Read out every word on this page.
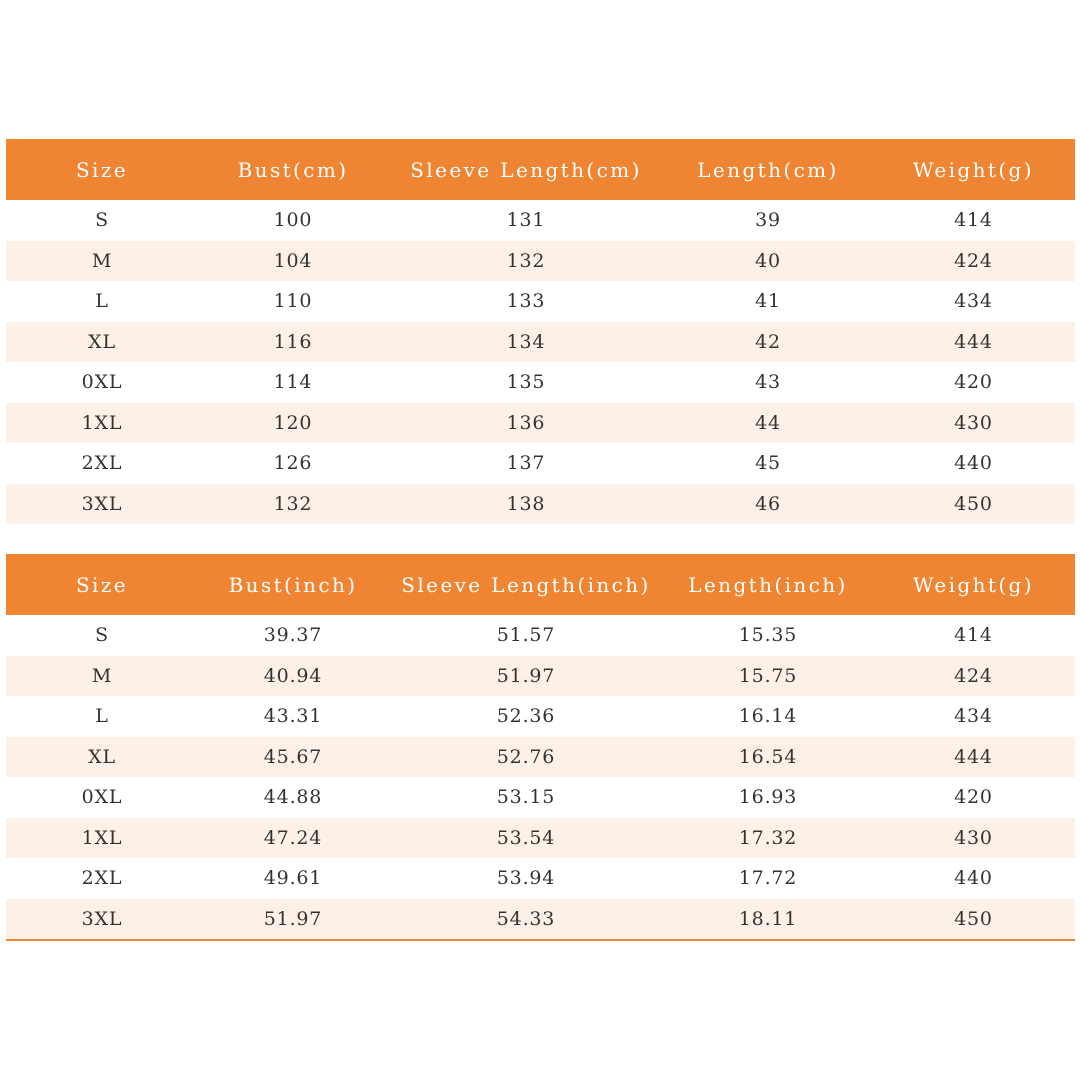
Size	Bust(cm)	Sleeve Length(cm)	Length(cm)	Weight(g)
S	100	131	39	414
M	104	132	40	424
L	110	133	41	434
XL	116	134	42	444
0XL	114	135	43	420
1XL	120	136	44	430
2XL	126	137	45	440
3XL	132	138	46	450
Size	Bust(inch)	Sleeve Length(inch)	Length(inch)	Weight(g)
S	39.37	51.57	15.35	414
M	40.94	51.97	15.75	424
L	43.31	52.36	16.14	434
XL	45.67	52.76	16.54	444
0XL	44.88	53.15	16.93	420
1XL	47.24	53.54	17.32	430
2XL	49.61	53.94	17.72	440
3XL	51.97	54.33	18.11	450
